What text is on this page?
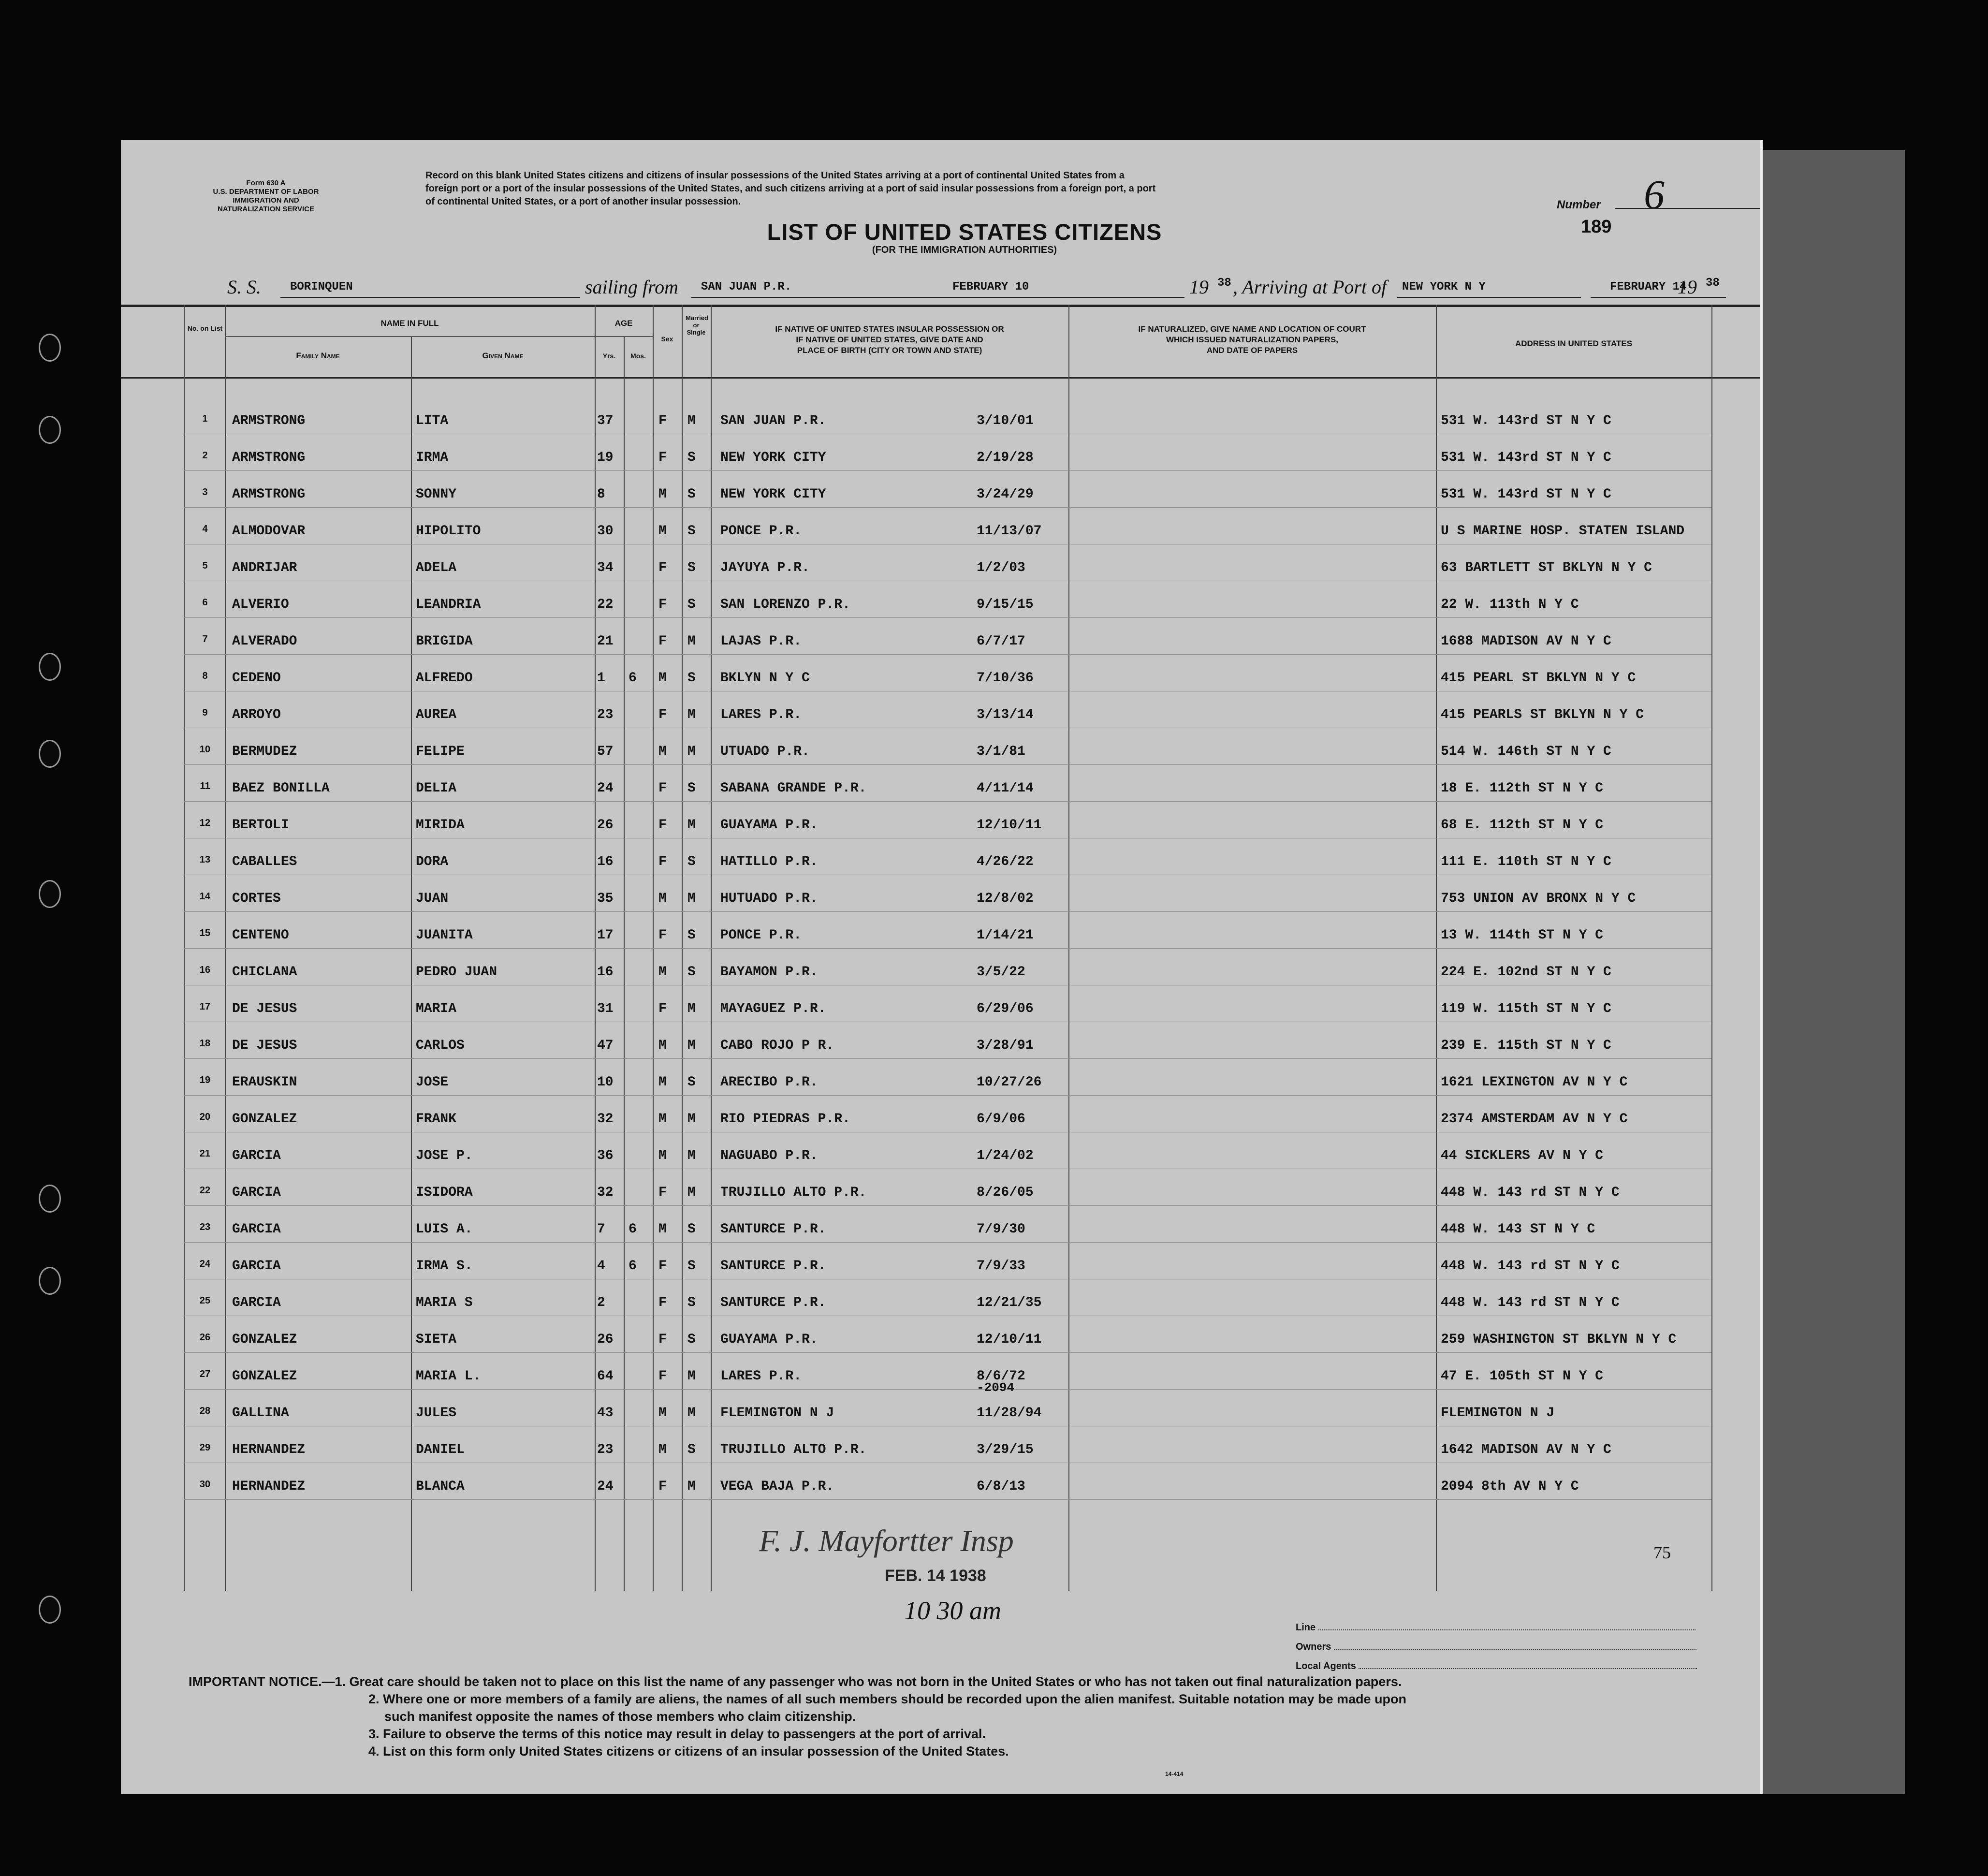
Form 630 A
U.S. DEPARTMENT OF LABOR
IMMIGRATION AND
NATURALIZATION SERVICE
Record on this blank United States citizens and citizens of insular possessions of the United States arriving at a port of continental United States from a
foreign port or a port of the insular possessions of the United States, and such citizens arriving at a port of said insular possessions from a foreign port, a port
of continental United States, or a port of another insular possession.
LIST OF UNITED STATES CITIZENS
(FOR THE IMMIGRATION AUTHORITIES)
Number 6
189
S. S.	BORINQUEN	sailing from SAN JUAN P.R.	FEBRUARY 10	19 38 , Arriving at Port of NEW YORK N Y	FEBRUARY 14
19 38
No. on List
NAME IN FULL
Family Name	Given Name
AGE
Yrs.	Mos.
Sex
Married or Single	IF NATIVE OF UNITED STATES INSULAR POSSESSION OR
IF NATIVE OF UNITED STATES, GIVE DATE AND
PLACE OF BIRTH (CITY OR TOWN AND STATE)
IF NATURALIZED, GIVE NAME AND LOCATION OF COURT
WHICH ISSUED NATURALIZATION PAPERS,
AND DATE OF PAPERS
ADDRESS IN UNITED STATES
1	ARMSTRONG	LITA	37	F M SAN JUAN P.R.	3/10/01	531 W. 143rd ST N Y C
2	ARMSTRONG	IRMA	19	F S NEW YORK CITY	2/19/28	531 W. 143rd ST N Y C
3	ARMSTRONG	SONNY	8	M S NEW YORK CITY	3/24/29	531 W. 143rd ST N Y C
4	ALMODOVAR	HIPOLITO	30	M S PONCE P.R.	11/13/07	U S MARINE HOSP. STATEN ISLAND
5	ANDRIJAR	ADELA	34	F S JAYUYA P.R.	1/2/03	63 BARTLETT ST BKLYN N Y C
6	ALVERIO	LEANDRIA	22	F S SAN LORENZO P.R.	9/15/15	22 W. 113th N Y C
7	ALVERADO	BRIGIDA	21	F M LAJAS P.R.	6/7/17	1688 MADISON AV N Y C
8	CEDENO	ALFREDO	1 6 M S BKLYN N Y C	7/10/36	415 PEARL ST BKLYN N Y C
9	ARROYO	AUREA	23	F M LARES P.R.	3/13/14	415 PEARLS ST BKLYN N Y C
10	BERMUDEZ	FELIPE	57	M M UTUADO P.R.	3/1/81	514 W. 146th ST N Y C
11	BAEZ BONILLA	DELIA	24	F S SABANA GRANDE P.R.	4/11/14	18 E. 112th ST N Y C
12	BERTOLI	MIRIDA	26	F M GUAYAMA P.R.	12/10/11	68 E. 112th ST N Y C
13	CABALLES	DORA	16	F S HATILLO P.R.	4/26/22	111 E. 110th ST N Y C
14	CORTES	JUAN	35	M M HUTUADO P.R.	12/8/02	753 UNION AV BRONX N Y C
15	CENTENO	JUANITA	17	F S PONCE P.R.	1/14/21	13 W. 114th ST N Y C
16	CHICLANA	PEDRO JUAN	16	M S BAYAMON P.R.	3/5/22	224 E. 102nd ST N Y C
17	DE JESUS	MARIA	31	F M MAYAGUEZ P.R.	6/29/06	119 W. 115th ST N Y C
18	DE JESUS	CARLOS	47	M M CABO ROJO P R.	3/28/91	239 E. 115th ST N Y C
19	ERAUSKIN	JOSE	10	M S ARECIBO P.R.	10/27/26	1621 LEXINGTON AV N Y C
20	GONZALEZ	FRANK	32	M M RIO PIEDRAS P.R.	6/9/06	2374 AMSTERDAM AV N Y C
21	GARCIA	JOSE P.	36	M M NAGUABO P.R.	1/24/02	44 SICKLERS AV N Y C
22	GARCIA	ISIDORA	32	F M TRUJILLO ALTO P.R.	8/26/05	448 W. 143 rd ST N Y C
23	GARCIA	LUIS A.	7 6 M S SANTURCE P.R.	7/9/30	448 W. 143 ST N Y C
24	GARCIA	IRMA S.	4 6 F S SANTURCE P.R.	7/9/33	448 W. 143 rd ST N Y C
25	GARCIA	MARIA S	2	F S SANTURCE P.R.	12/21/35	448 W. 143 rd ST N Y C
26	GONZALEZ	SIETA	26	F S GUAYAMA P.R.	12/10/11	259 WASHINGTON ST BKLYN N Y C
27	GONZALEZ	MARIA L.	64	F M LARES P.R.	8/6/72	47 E. 105th ST N Y C
28	GALLINA	JULES	43	M M FLEMINGTON N J	11/28/94	FLEMINGTON N J
29	HERNANDEZ	DANIEL	23	M S TRUJILLO ALTO P.R.	3/29/15	1642 MADISON AV N Y C
30	HERNANDEZ	BLANCA	24	F M VEGA BAJA P.R.	6/8/13	2094 8th AV N Y C
-2094
F. J. Mayfortter Insp
FEB. 14 1938
10 30 am
75
Line
Owners
Local Agents
IMPORTANT NOTICE.—1. Great care should be taken not to place on this list the name of any passenger who was not born in the United States or who has not taken out final naturalization papers.
2. Where one or more members of a family are aliens, the names of all such members should be recorded upon the alien manifest. Suitable notation may be made upon
such manifest opposite the names of those members who claim citizenship.
3. Failure to observe the terms of this notice may result in delay to passengers at the port of arrival.
4. List on this form only United States citizens or citizens of an insular possession of the United States.
14-414
